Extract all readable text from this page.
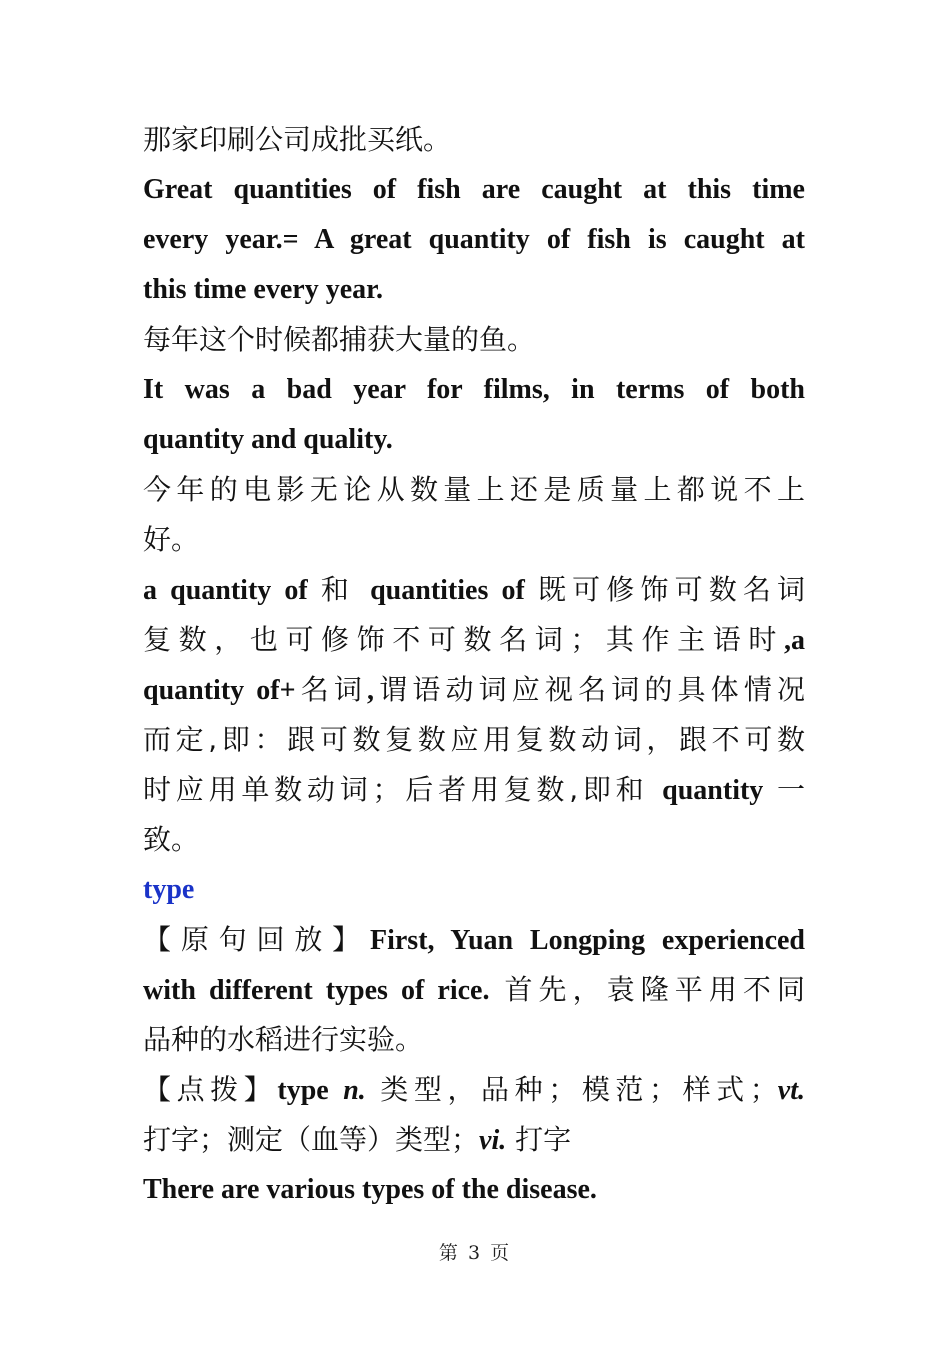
那家印刷公司成批买纸。
Great quantities of fish are caught at this time
every year.= A great quantity of fish is caught at
this time every year.
每年这个时候都捕获大量的鱼。
It was a bad year for films, in terms of both
quantity and quality.
今年的电影无论从数量上还是质量上都说不上
好。
a quantity of 和 quantities of 既可修饰可数名词
复数，也可修饰不可数名词；其作主语时,a
quantity of+名词,谓语动词应视名词的具体情况
而定,即：跟可数复数应用复数动词，跟不可数
时应用单数动词；后者用复数,即和 quantity 一
致。
type
【原句回放】First, Yuan Longping experienced
with different types of rice. 首先，袁隆平用不同
品种的水稻进行实验。
【点拨】type n. 类型，品种；模范；样式；vt.
打字；测定（血等）类型；vi. 打字
There are various types of the disease.
第 3 页
